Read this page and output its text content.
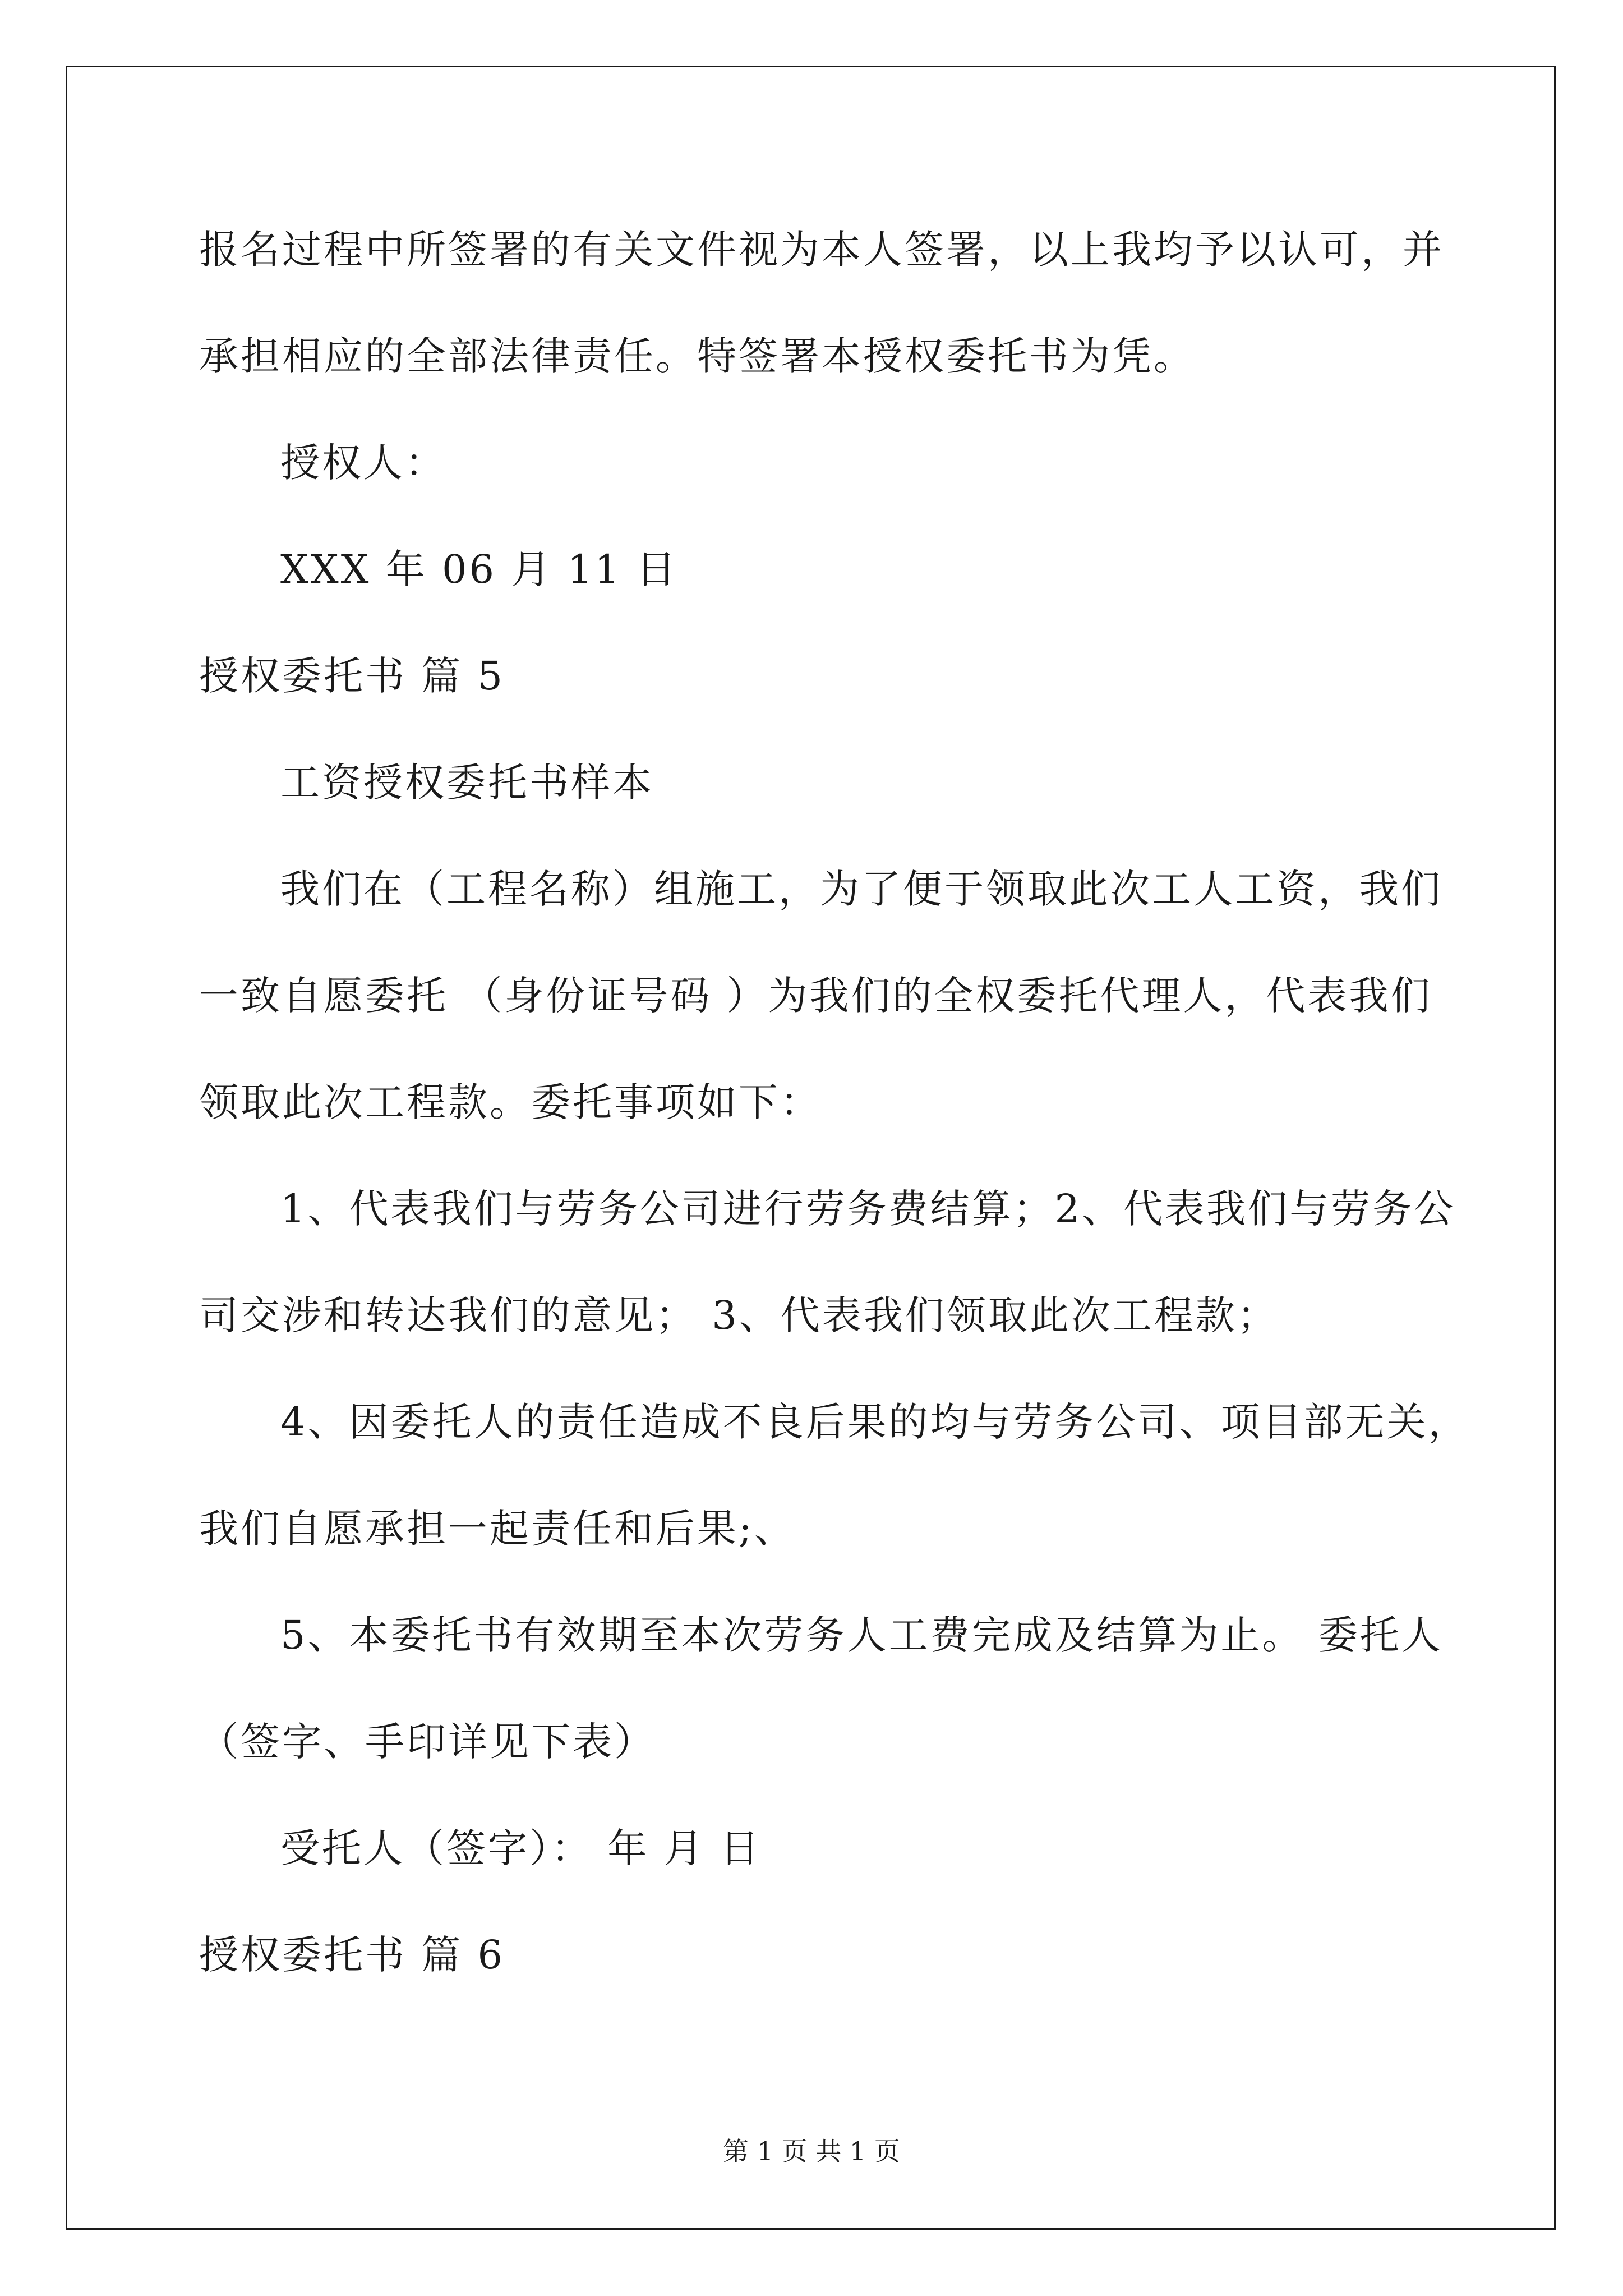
报名过程中所签署的有关文件视为本人签署，以上我均予以认可，并
承担相应的全部法律责任。特签署本授权委托书为凭。
授权人：
XXX 年 06 月 11 日
授权委托书 篇 5
工资授权委托书样本
我们在（工程名称）组施工，为了便于领取此次工人工资，我们
一致自愿委托 （身份证号码 ）为我们的全权委托代理人，代表我们
领取此次工程款。委托事项如下：
1、代表我们与劳务公司进行劳务费结算；2、代表我们与劳务公
司交涉和转达我们的意见； 3、代表我们领取此次工程款；
4、因委托人的责任造成不良后果的均与劳务公司、项目部无关，
我们自愿承担一起责任和后果;、
5、本委托书有效期至本次劳务人工费完成及结算为止。 委托人
（签字、手印详见下表）
受托人（签字）： 年 月 日
授权委托书 篇 6
第 1 页 共 1 页
